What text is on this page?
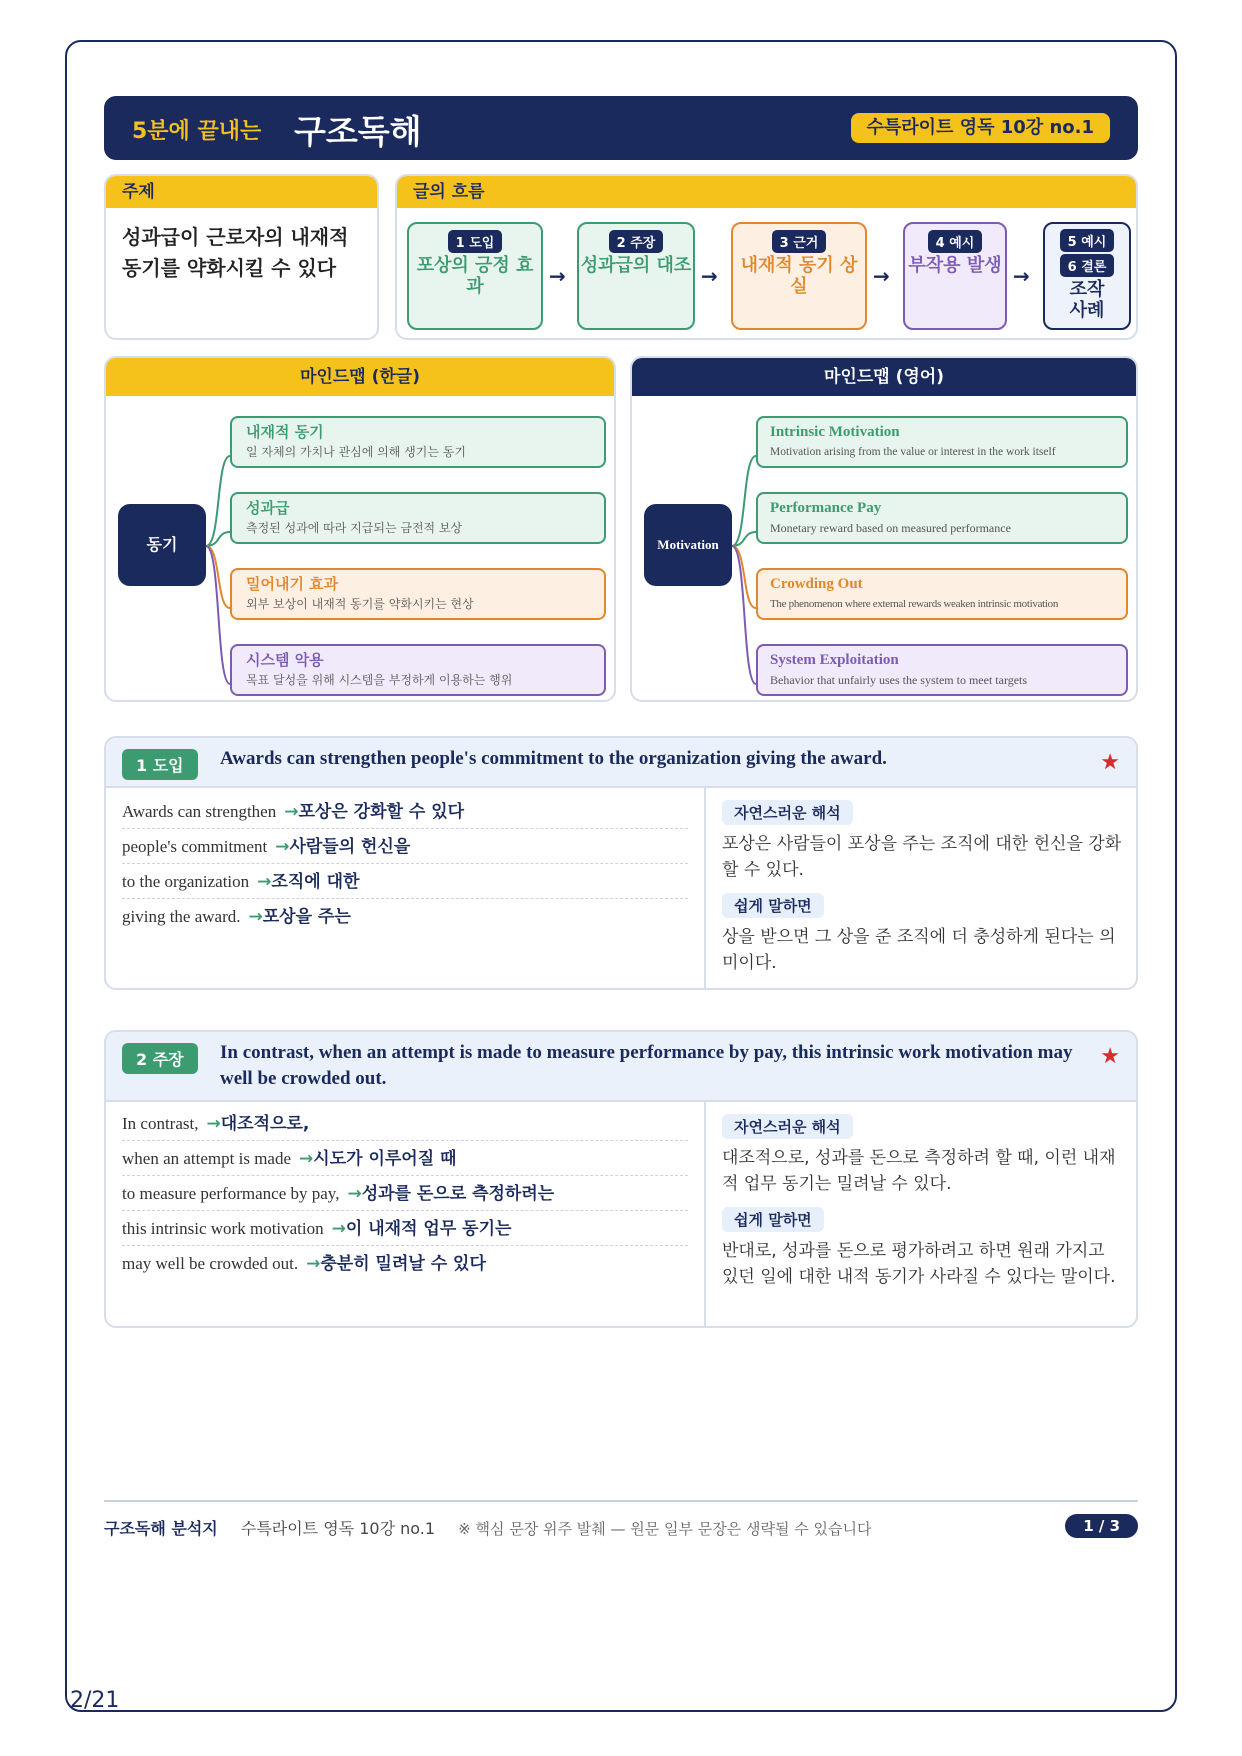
2/21
5분에 끝내는 구조독해	수특라이트 영독 10강 no.1
주제
성과급이 근로자의 내재적 동기를 약화시킬 수 있다
글의 흐름
1 도입
포상의 긍정 효과	→
2 주장
성과급의 대조 →
3 근거
내재적 동기 상실	→
4 예시
부작용 발생 →
5 예시
6 결론
조작 사례
마인드맵 (한글)
동기
내재적 동기
일 자체의 가치나 관심에 의해 생기는 동기
성과급
측정된 성과에 따라 지급되는 금전적 보상
밀어내기 효과
외부 보상이 내재적 동기를 약화시키는 현상
시스템 악용
목표 달성을 위해 시스템을 부정하게 이용하는 행위
마인드맵 (영어)
Motivation
Intrinsic Motivation
Motivation arising from the value or interest in the work itself
Performance Pay
Monetary reward based on measured performance
Crowding Out
The phenomenon where external rewards weaken intrinsic motivation
System Exploitation
Behavior that unfairly uses the system to meet targets
1 도입	Awards can strengthen people's commitment to the organization giving the award.	★
Awards can strengthen →포상은 강화할 수 있다
people's commitment →사람들의 헌신을
to the organization →조직에 대한
giving the award. →포상을 주는
자연스러운 해석
포상은 사람들이 포상을 주는 조직에 대한 헌신을 강화할 수 있다.
쉽게 말하면
상을 받으면 그 상을 준 조직에 더 충성하게 된다는 의미이다.
2 주장	In contrast, when an attempt is made to measure performance by pay, this intrinsic work motivation may well be crowded out.
★
In contrast, →대조적으로,
when an attempt is made →시도가 이루어질 때
to measure performance by pay, →성과를 돈으로 측정하려는
this intrinsic work motivation →이 내재적 업무 동기는
may well be crowded out. →충분히 밀려날 수 있다
자연스러운 해석
대조적으로, 성과를 돈으로 측정하려 할 때, 이런 내재적 업무 동기는 밀려날 수 있다.
쉽게 말하면
반대로, 성과를 돈으로 평가하려고 하면 원래 가지고 있던 일에 대한 내적 동기가 사라질 수 있다는 말이다.
구조독해 분석지 수특라이트 영독 10강 no.1 ※ 핵심 문장 위주 발췌 — 원문 일부 문장은 생략될 수 있습니다	1 / 3
